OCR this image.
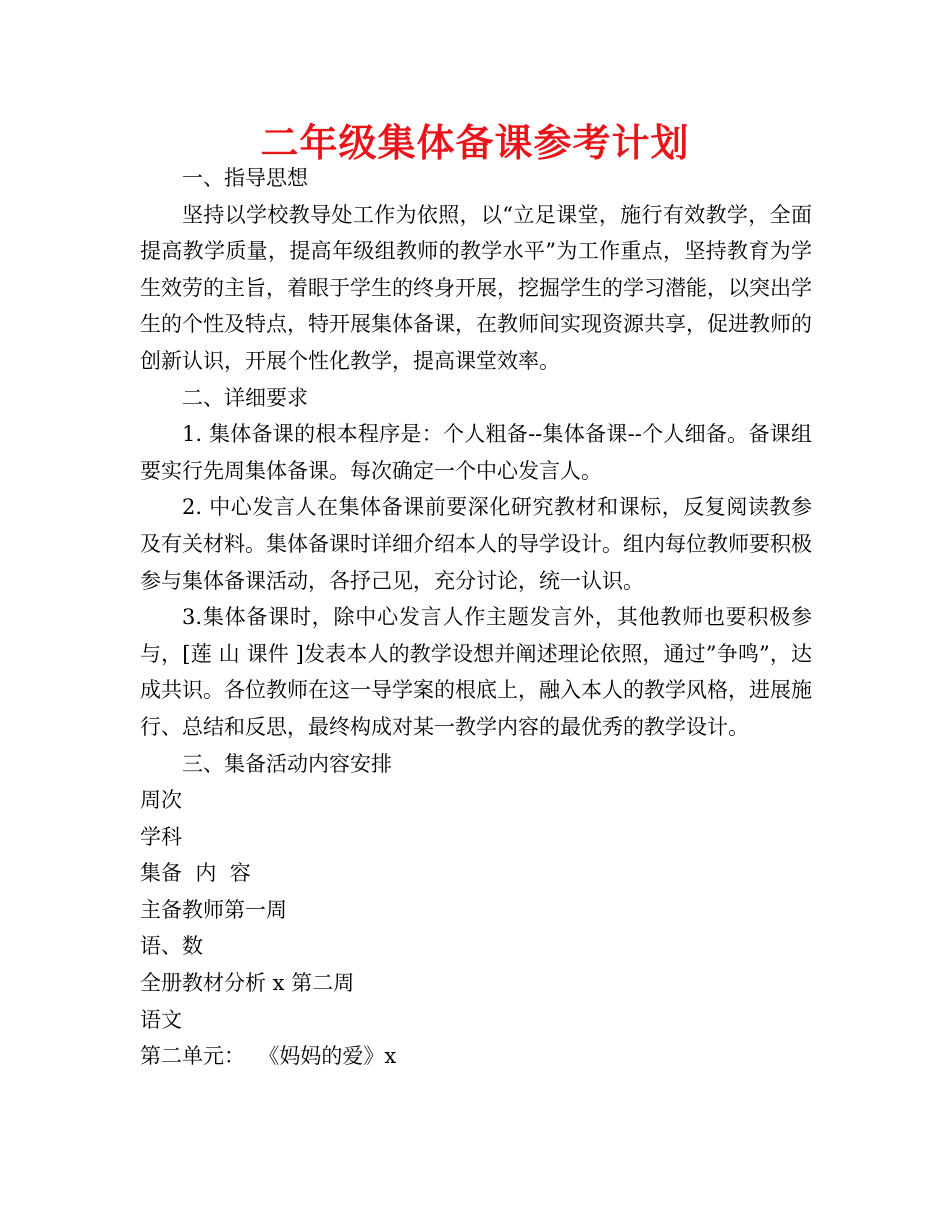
二年级集体备课参考计划

一、指导思想

坚持以学校教导处工作为依照，以“立足课堂，施行有效教学，全面提高教学质量，提高年级组教师的教学水平”为工作重点，坚持教育为学生效劳的主旨，着眼于学生的终身开展，挖掘学生的学习潜能，以突出学生的个性及特点，特开展集体备课，在教师间实现资源共享，促进教师的创新认识，开展个性化教学，提高课堂效率。

二、详细要求

1. 集体备课的根本程序是：个人粗备--集体备课--个人细备。备课组要实行先周集体备课。每次确定一个中心发言人。

2. 中心发言人在集体备课前要深化研究教材和课标，反复阅读教参及有关材料。集体备课时详细介绍本人的导学设计。组内每位教师要积极参与集体备课活动，各抒己见，充分讨论，统一认识。

3.集体备课时，除中心发言人作主题发言外，其他教师也要积极参与，[莲 山 课件 ]发表本人的教学设想并阐述理论依照，通过”争鸣”，达成共识。各位教师在这一导学案的根底上，融入本人的教学风格，进展施行、总结和反思，最终构成对某一教学内容的最优秀的教学设计。

三、集备活动内容安排

周次

学科

集备  内  容

主备教师第一周

语、数

全册教材分析 x 第二周

语文

第二单元：  《妈妈的爱》x
